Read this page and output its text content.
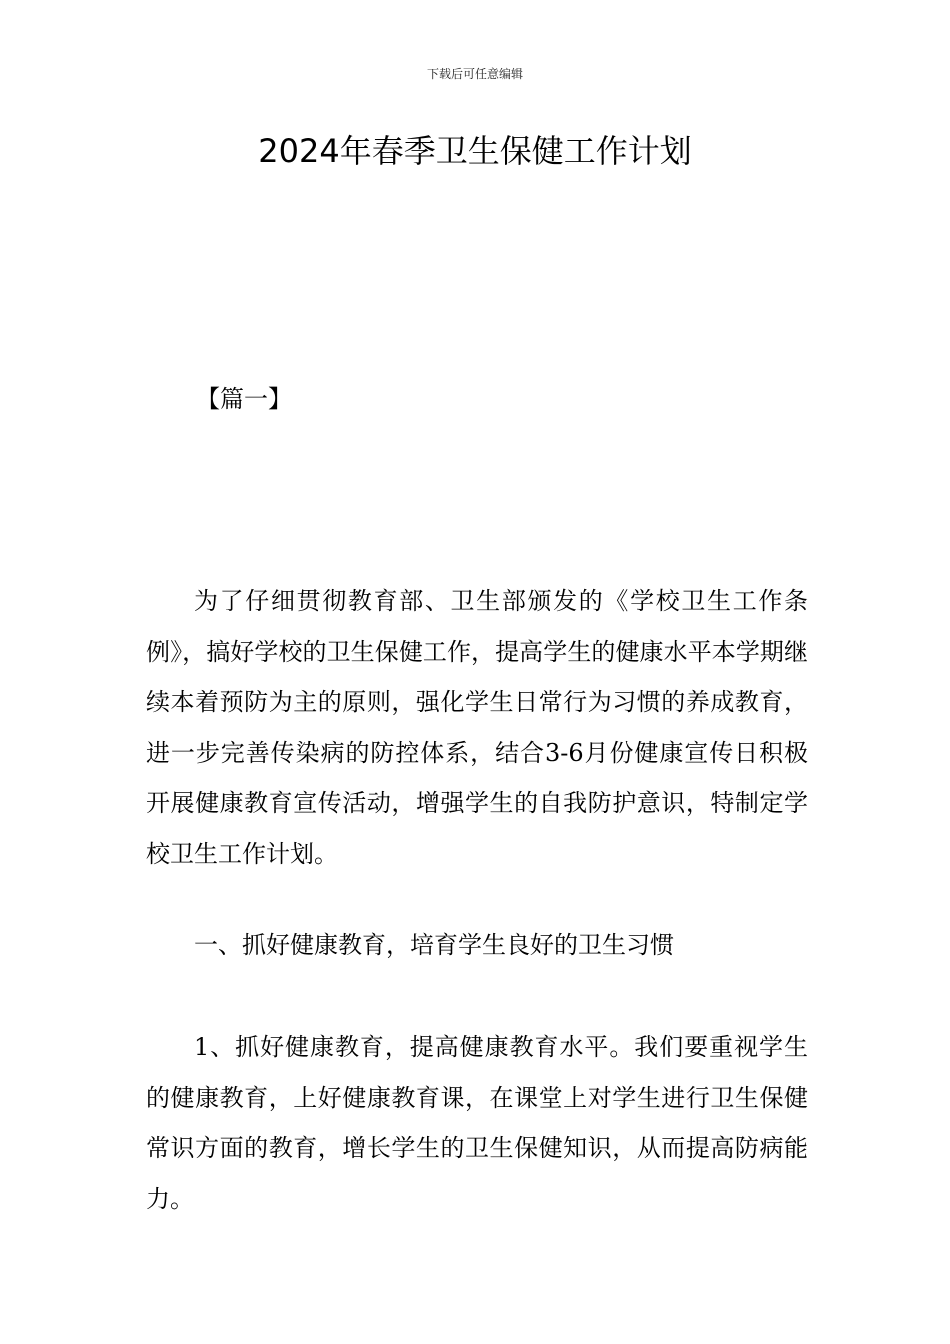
下载后可任意编辑
2024年春季卫生保健工作计划
【篇一】

为了仔细贯彻教育部、卫生部颁发的《学校卫生工作条例》，搞好学校的卫生保健工作，提高学生的健康水平本学期继续本着预防为主的原则，强化学生日常行为习惯的养成教育，进一步完善传染病的防控体系，结合3-6月份健康宣传日积极开展健康教育宣传活动，增强学生的自我防护意识，特制定学校卫生工作计划。

一、抓好健康教育，培育学生良好的卫生习惯

1、抓好健康教育，提高健康教育水平。我们要重视学生的健康教育，上好健康教育课，在课堂上对学生进行卫生保健常识方面的教育，增长学生的卫生保健知识，从而提高防病能力。
